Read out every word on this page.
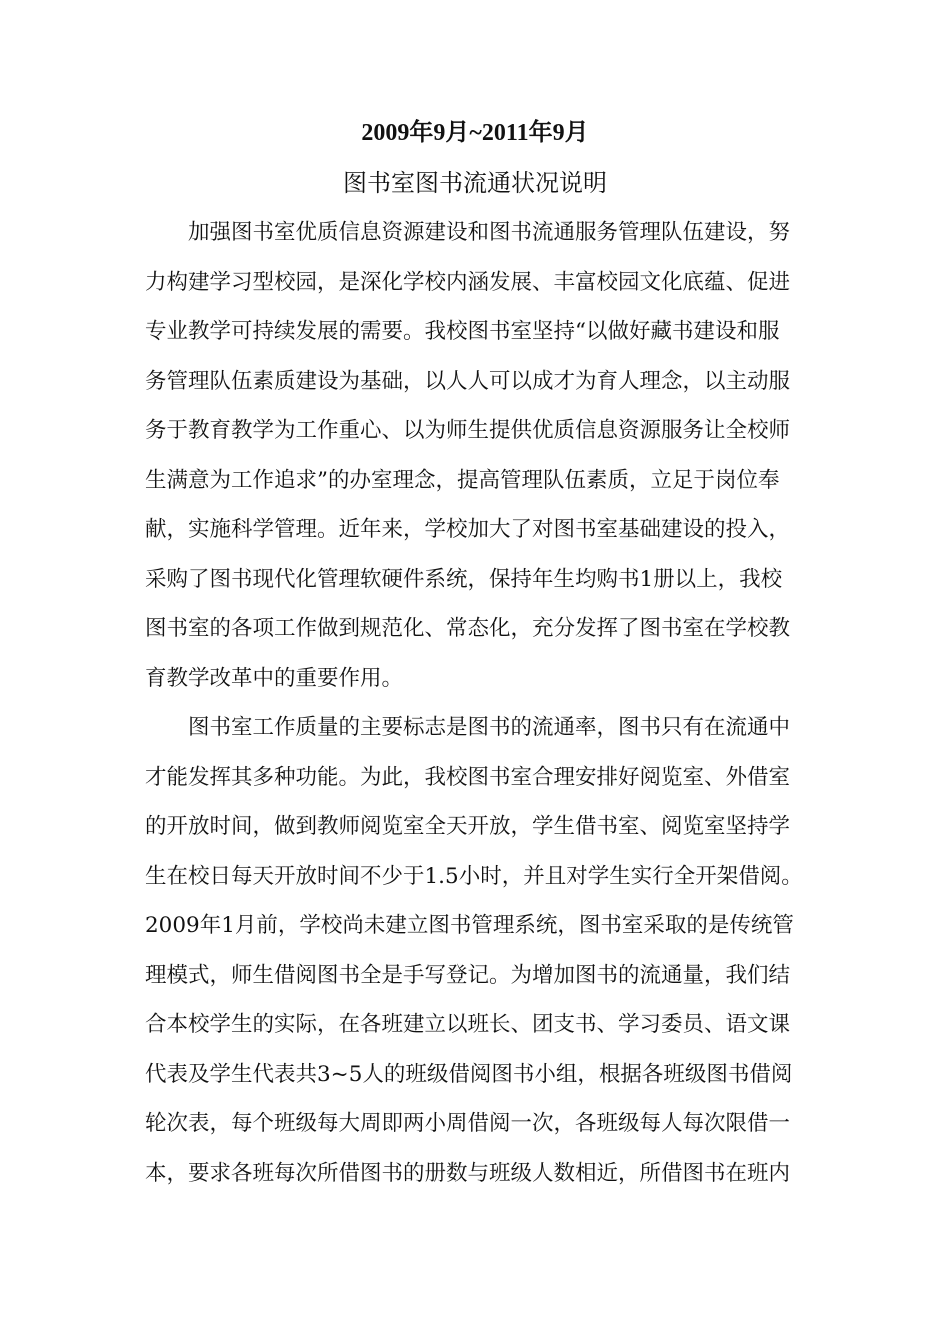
2009年9月~2011年9月
图书室图书流通状况说明

加强图书室优质信息资源建设和图书流通服务管理队伍建设，努
力构建学习型校园，是深化学校内涵发展、丰富校园文化底蕴、促进
专业教学可持续发展的需要。我校图书室坚持“以做好藏书建设和服
务管理队伍素质建设为基础，以人人可以成才为育人理念，以主动服
务于教育教学为工作重心、以为师生提供优质信息资源服务让全校师
生满意为工作追求”的办室理念，提高管理队伍素质，立足于岗位奉
献，实施科学管理。近年来，学校加大了对图书室基础建设的投入，
采购了图书现代化管理软硬件系统，保持年生均购书1册以上，我校
图书室的各项工作做到规范化、常态化，充分发挥了图书室在学校教
育教学改革中的重要作用。

图书室工作质量的主要标志是图书的流通率，图书只有在流通中
才能发挥其多种功能。为此，我校图书室合理安排好阅览室、外借室
的开放时间，做到教师阅览室全天开放，学生借书室、阅览室坚持学
生在校日每天开放时间不少于1.5小时，并且对学生实行全开架借阅。
2009年1月前，学校尚未建立图书管理系统，图书室采取的是传统管
理模式，师生借阅图书全是手写登记。为增加图书的流通量，我们结
合本校学生的实际，在各班建立以班长、团支书、学习委员、语文课
代表及学生代表共3~5人的班级借阅图书小组，根据各班级图书借阅
轮次表，每个班级每大周即两小周借阅一次，各班级每人每次限借一
本，要求各班每次所借图书的册数与班级人数相近，所借图书在班内
